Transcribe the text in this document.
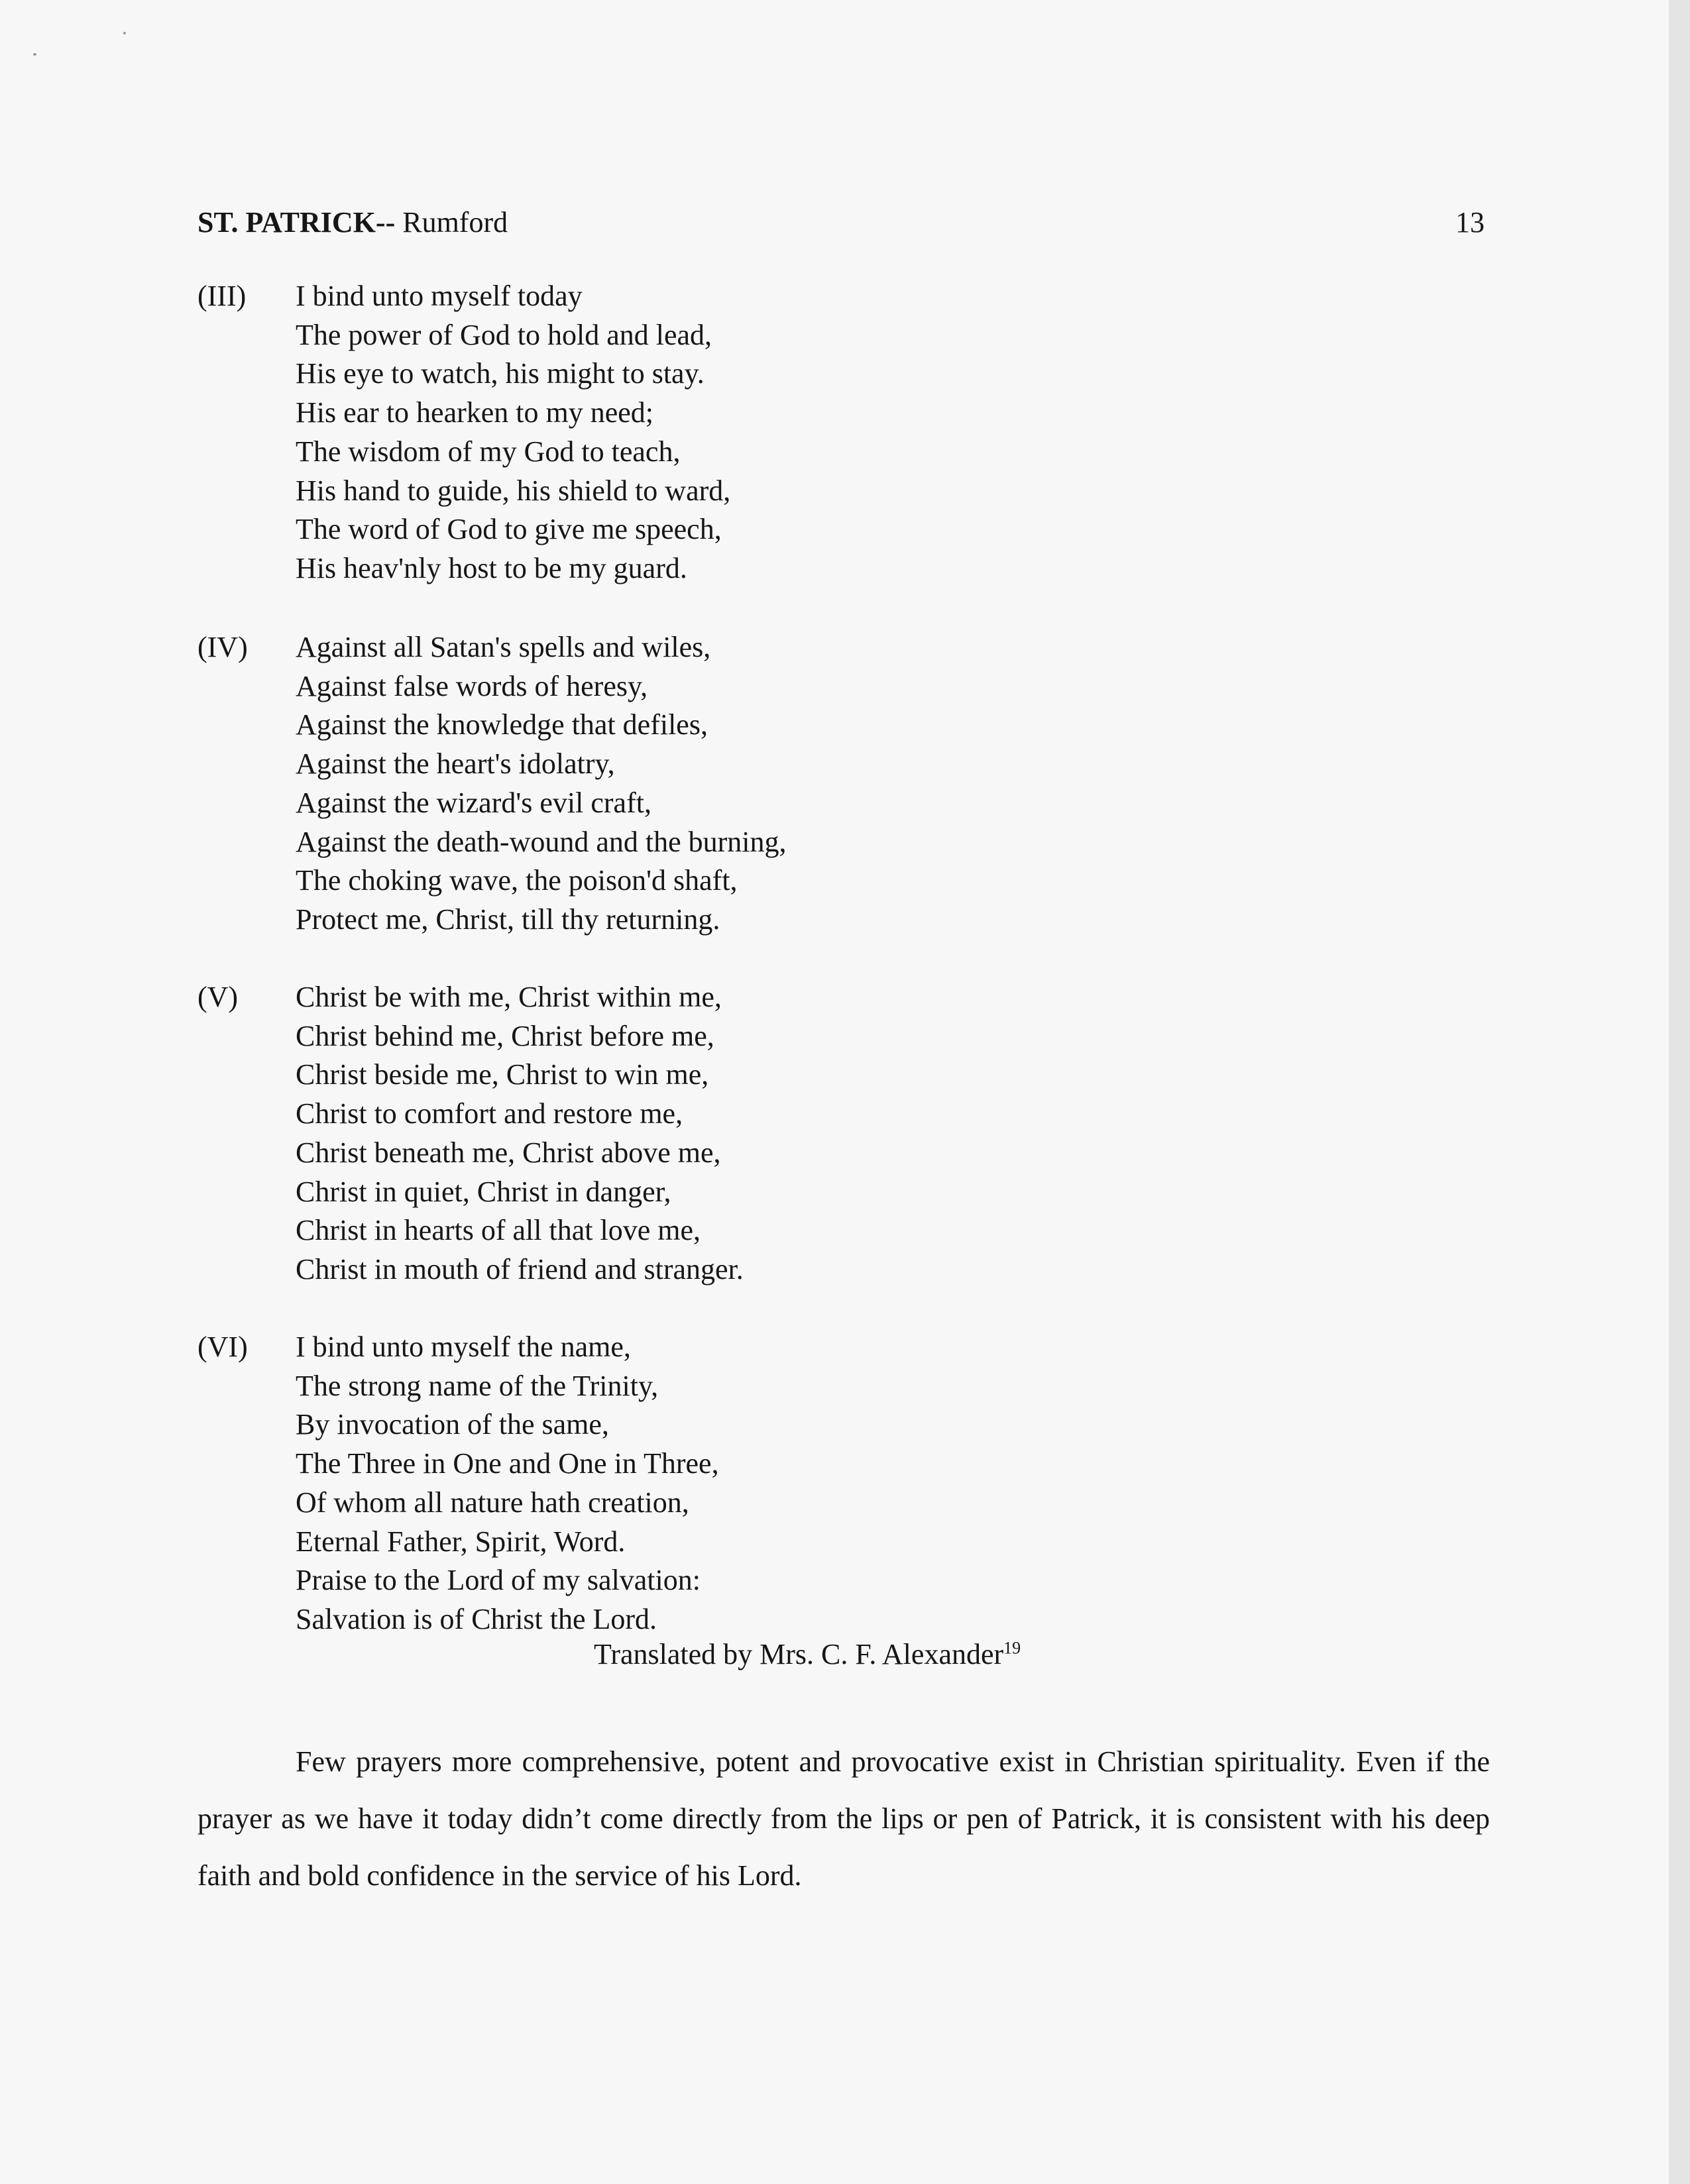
ST. PATRICK-- Rumford	13
(III) I bind unto myself today
The power of God to hold and lead,
His eye to watch, his might to stay.
His ear to hearken to my need;
The wisdom of my God to teach,
His hand to guide, his shield to ward,
The word of God to give me speech,
His heav'nly host to be my guard.
(IV) Against all Satan's spells and wiles,
Against false words of heresy,
Against the knowledge that defiles,
Against the heart's idolatry,
Against the wizard's evil craft,
Against the death-wound and the burning,
The choking wave, the poison'd shaft,
Protect me, Christ, till thy returning.
(V) Christ be with me, Christ within me,
Christ behind me, Christ before me,
Christ beside me, Christ to win me,
Christ to comfort and restore me,
Christ beneath me, Christ above me,
Christ in quiet, Christ in danger,
Christ in hearts of all that love me,
Christ in mouth of friend and stranger.
(VI) I bind unto myself the name,
The strong name of the Trinity,
By invocation of the same,
The Three in One and One in Three,
Of whom all nature hath creation,
Eternal Father, Spirit, Word.
Praise to the Lord of my salvation:
Salvation is of Christ the Lord.
Translated by Mrs. C. F. Alexander$^{19}$
Few prayers more comprehensive, potent and provocative exist in Christian spirituality. Even if the prayer as we have it today didn’t come directly from the lips or pen of Patrick, it is consistent with his deep faith and bold confidence in the service of his Lord.
